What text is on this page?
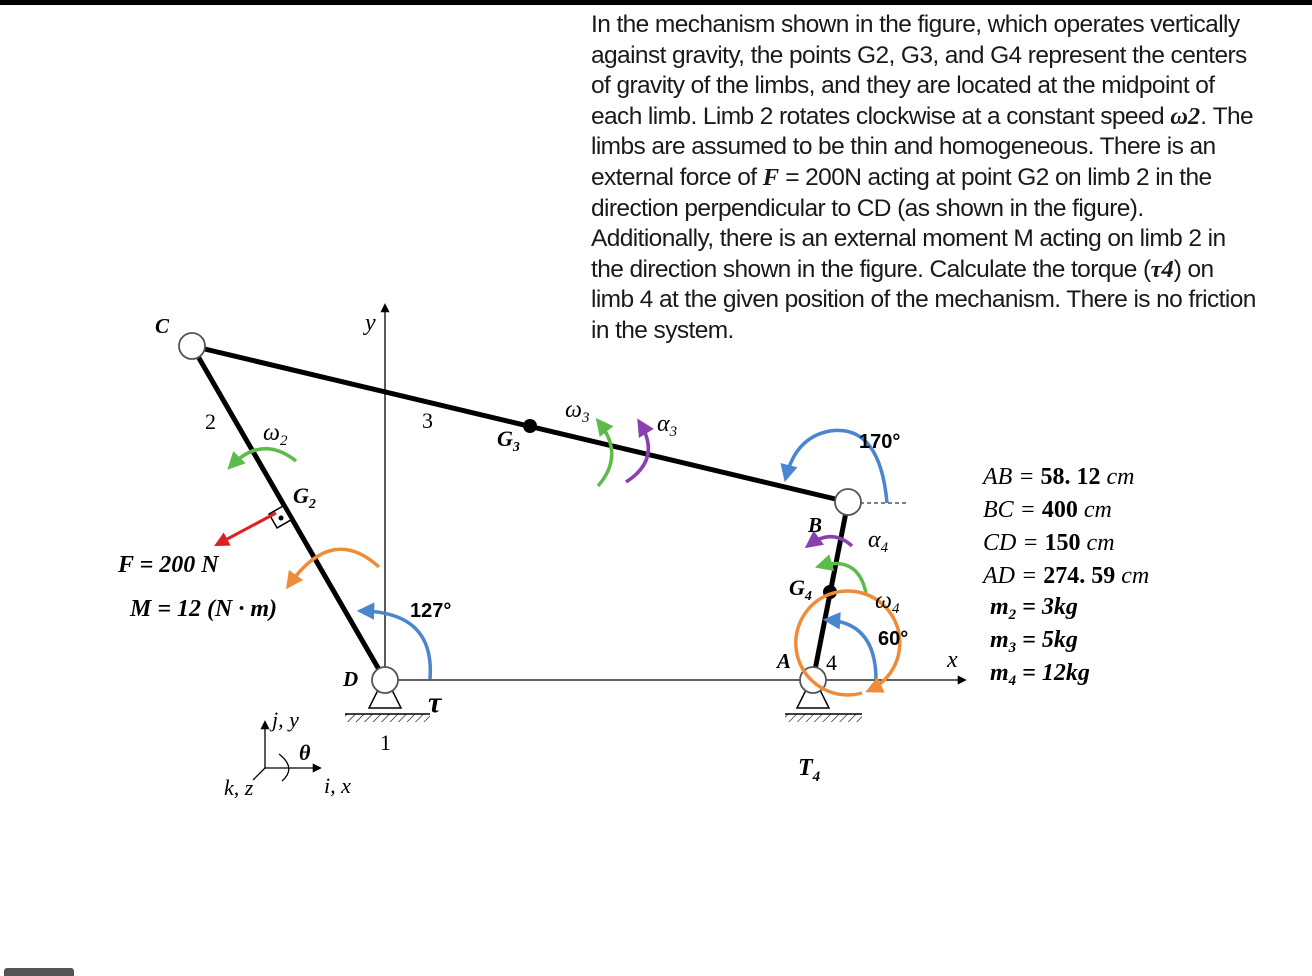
In the mechanism shown in the figure, which operates vertically against gravity, the points G2, G3, and G4 represent the centers of gravity of the limbs, and they are located at the midpoint of each limb. Limb 2 rotates clockwise at a constant speed ω2. The limbs are assumed to be thin and homogeneous. There is an external force of F = 200N acting at point G2 on limb 2 in the direction perpendicular to CD (as shown in the figure). Additionally, there is an external moment M acting on limb 2 in the direction shown in the figure. Calculate the torque (τ4) on limb 4 at the given position of the mechanism. There is no friction in the system.

y
x
C
B
A
D
2	3
4
1
$\omega_2$
$G_2$
$G_3$
$G_4$
$\omega_3$	$\alpha_3$
$\alpha_4$
$\omega_4$
$T_4$
τ
F = 200 N
M = 12 (N · m)	127°
170°
60°
j, y
θ
k, z	i, x
AB = 58. 12 cm
BC = 400 cm
CD = 150 cm
AD = 274. 59 cm
$m_2 = 3kg$
$m_3 = 5kg$
$m_4 = 12kg$
